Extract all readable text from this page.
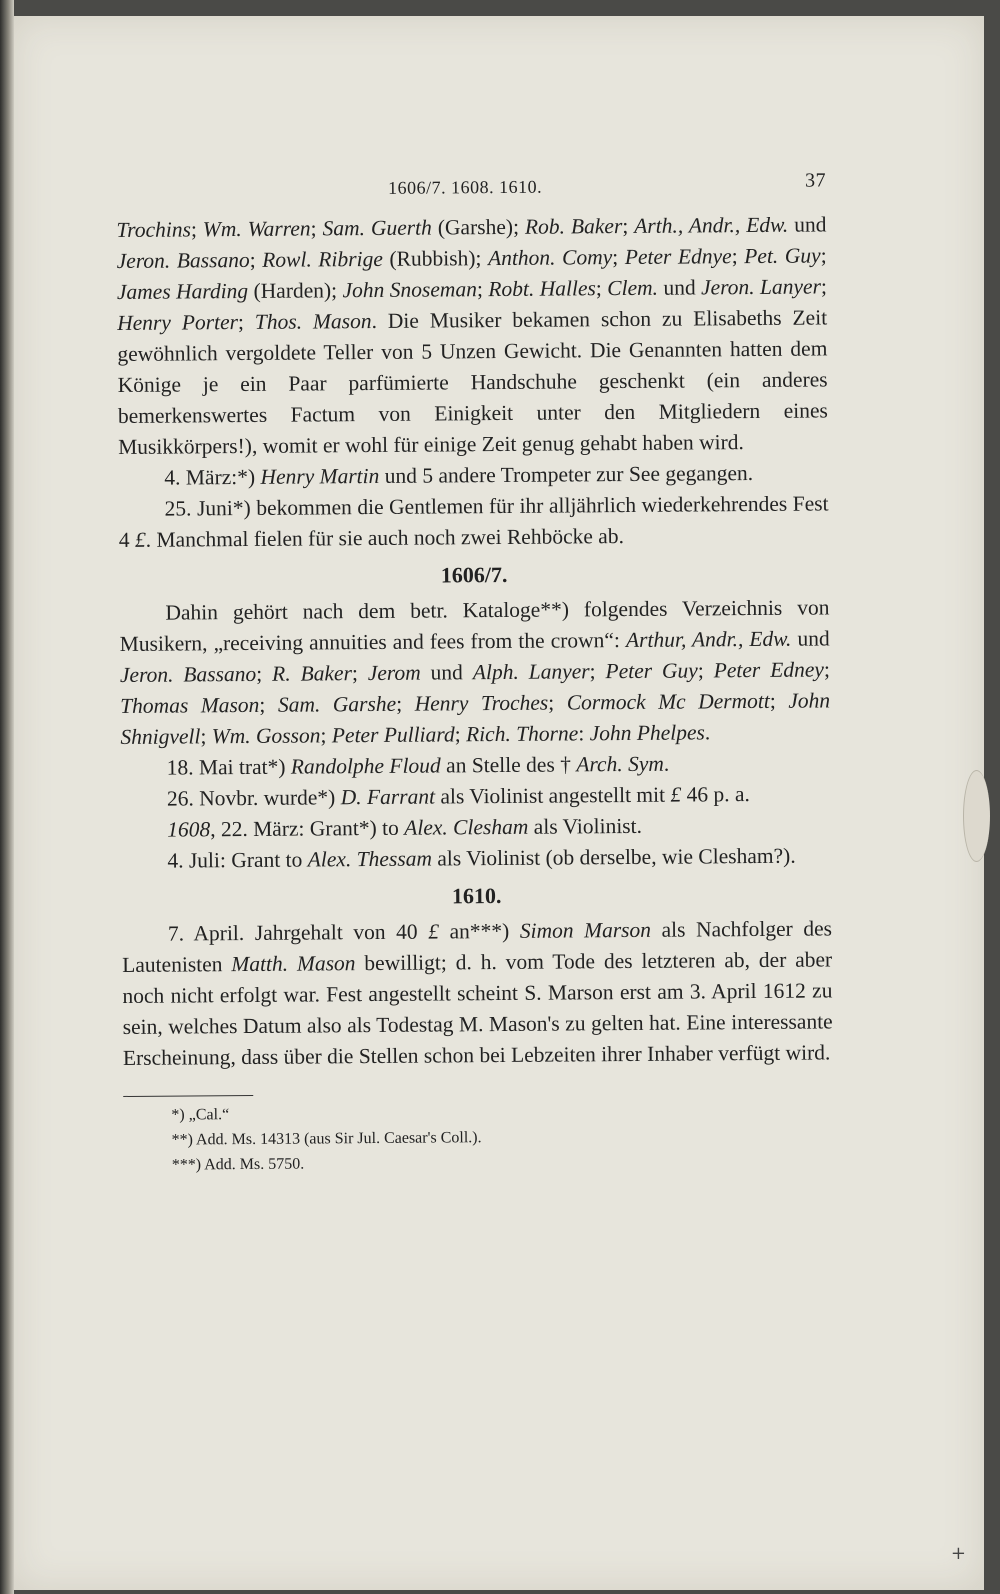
1606/7. 1608. 1610.	37

Trochins; Wm. Warren; Sam. Guerth (Garshe); Rob. Baker; Arth., Andr., Edw. und Jeron. Bassano; Rowl. Ribrige (Rubbish); Anthon. Comy; Peter Ednye; Pet. Guy; James Harding (Harden); John Snoseman; Robt. Halles; Clem. und Jeron. Lanyer; Henry Porter; Thos. Mason. Die Musiker bekamen schon zu Elisabeths Zeit gewöhnlich vergoldete Teller von 5 Unzen Gewicht. Die Genannten hatten dem Könige je ein Paar parfümierte Handschuhe geschenkt (ein anderes bemerkenswertes Factum von Einigkeit unter den Mitgliedern eines Musikkörpers!), womit er wohl für einige Zeit genug gehabt haben wird.

4. März:*) Henry Martin und 5 andere Trompeter zur See gegangen.

25. Juni*) bekommen die Gentlemen für ihr alljährlich wiederkehrendes Fest 4 £. Manchmal fielen für sie auch noch zwei Rehböcke ab.

1606/7.

Dahin gehört nach dem betr. Kataloge**) folgendes Verzeichnis von Musikern, „receiving annuities and fees from the crown“: Arthur, Andr., Edw. und Jeron. Bassano; R. Baker; Jerom und Alph. Lanyer; Peter Guy; Peter Edney; Thomas Mason; Sam. Garshe; Henry Troches; Cormock Mc Dermott; John Shnigvell; Wm. Gosson; Peter Pulliard; Rich. Thorne: John Phelpes.

18. Mai trat*) Randolphe Floud an Stelle des † Arch. Sym.

26. Novbr. wurde*) D. Farrant als Violinist angestellt mit £ 46 p. a.

1608, 22. März: Grant*) to Alex. Clesham als Violinist.

4. Juli: Grant to Alex. Thessam als Violinist (ob derselbe, wie Clesham?).

1610.

7. April. Jahrgehalt von 40 £ an***) Simon Marson als Nachfolger des Lautenisten Matth. Mason bewilligt; d. h. vom Tode des letzteren ab, der aber noch nicht erfolgt war. Fest angestellt scheint S. Marson erst am 3. April 1612 zu sein, welches Datum also als Todestag M. Mason's zu gelten hat. Eine interessante Erscheinung, dass über die Stellen schon bei Lebzeiten ihrer Inhaber verfügt wird.

*) „Cal.“
**) Add. Ms. 14313 (aus Sir Jul. Caesar's Coll.).
***) Add. Ms. 5750.
+
